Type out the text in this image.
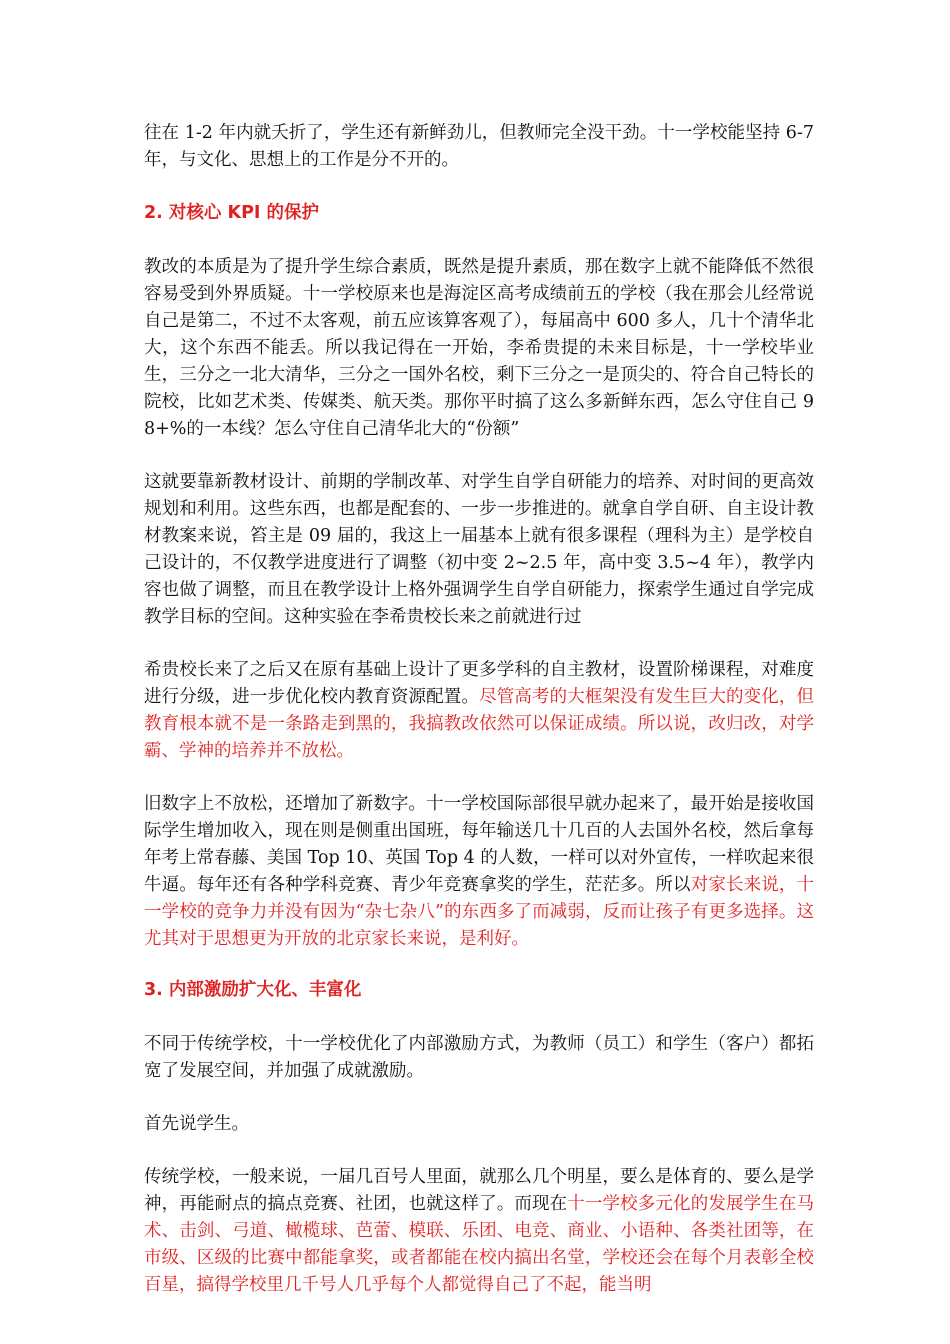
往在 1-2 年内就夭折了，学生还有新鲜劲儿，但教师完全没干劲。十一学校能坚持 6-7 年，与文化、思想上的工作是分不开的。

2. 对核心 KPI 的保护

教改的本质是为了提升学生综合素质，既然是提升素质，那在数字上就不能降低不然很容易受到外界质疑。十一学校原来也是海淀区高考成绩前五的学校（我在那会儿经常说自己是第二，不过不太客观，前五应该算客观了），每届高中 600 多人，几十个清华北大，这个东西不能丢。所以我记得在一开始，李希贵提的未来目标是，十一学校毕业生，三分之一北大清华，三分之一国外名校，剩下三分之一是顶尖的、符合自己特长的院校，比如艺术类、传媒类、航天类。那你平时搞了这么多新鲜东西，怎么守住自己 98+%的一本线？怎么守住自己清华北大的“份额”

这就要靠新教材设计、前期的学制改革、对学生自学自研能力的培养、对时间的更高效规划和利用。这些东西，也都是配套的、一步一步推进的。就拿自学自研、自主设计教材教案来说，笞主是 09 届的，我这上一届基本上就有很多课程（理科为主）是学校自己设计的，不仅教学进度进行了调整（初中变 2~2.5 年，高中变 3.5~4 年），教学内容也做了调整，而且在教学设计上格外强调学生自学自研能力，探索学生通过自学完成教学目标的空间。这种实验在李希贵校长来之前就进行过

希贵校长来了之后又在原有基础上设计了更多学科的自主教材，设置阶梯课程，对难度进行分级，进一步优化校内教育资源配置。尽管高考的大框架没有发生巨大的变化，但教育根本就不是一条路走到黑的，我搞教改依然可以保证成绩。所以说，改归改，对学霸、学神的培养并不放松。

旧数字上不放松，还增加了新数字。十一学校国际部很早就办起来了，最开始是接收国际学生增加收入，现在则是侧重出国班，每年输送几十几百的人去国外名校，然后拿每年考上常春藤、美国 Top 10、英国 Top 4 的人数，一样可以对外宣传，一样吹起来很牛逼。每年还有各种学科竞赛、青少年竞赛拿奖的学生，茫茫多。所以对家长来说，十一学校的竞争力并没有因为“杂七杂八”的东西多了而减弱，反而让孩子有更多选择。这尤其对于思想更为开放的北京家长来说，是利好。

3. 内部激励扩大化、丰富化

不同于传统学校，十一学校优化了内部激励方式，为教师（员工）和学生（客户）都拓宽了发展空间，并加强了成就激励。

首先说学生。

传统学校，一般来说，一届几百号人里面，就那么几个明星，要么是体育的、要么是学神，再能耐点的搞点竞赛、社团，也就这样了。而现在十一学校多元化的发展学生在马术、击剑、弓道、橄榄球、芭蕾、模联、乐团、电竞、商业、小语种、各类社团等，在市级、区级的比赛中都能拿奖，或者都能在校内搞出名堂，学校还会在每个月表彰全校百星，搞得学校里几千号人几乎每个人都觉得自己了不起，能当明
